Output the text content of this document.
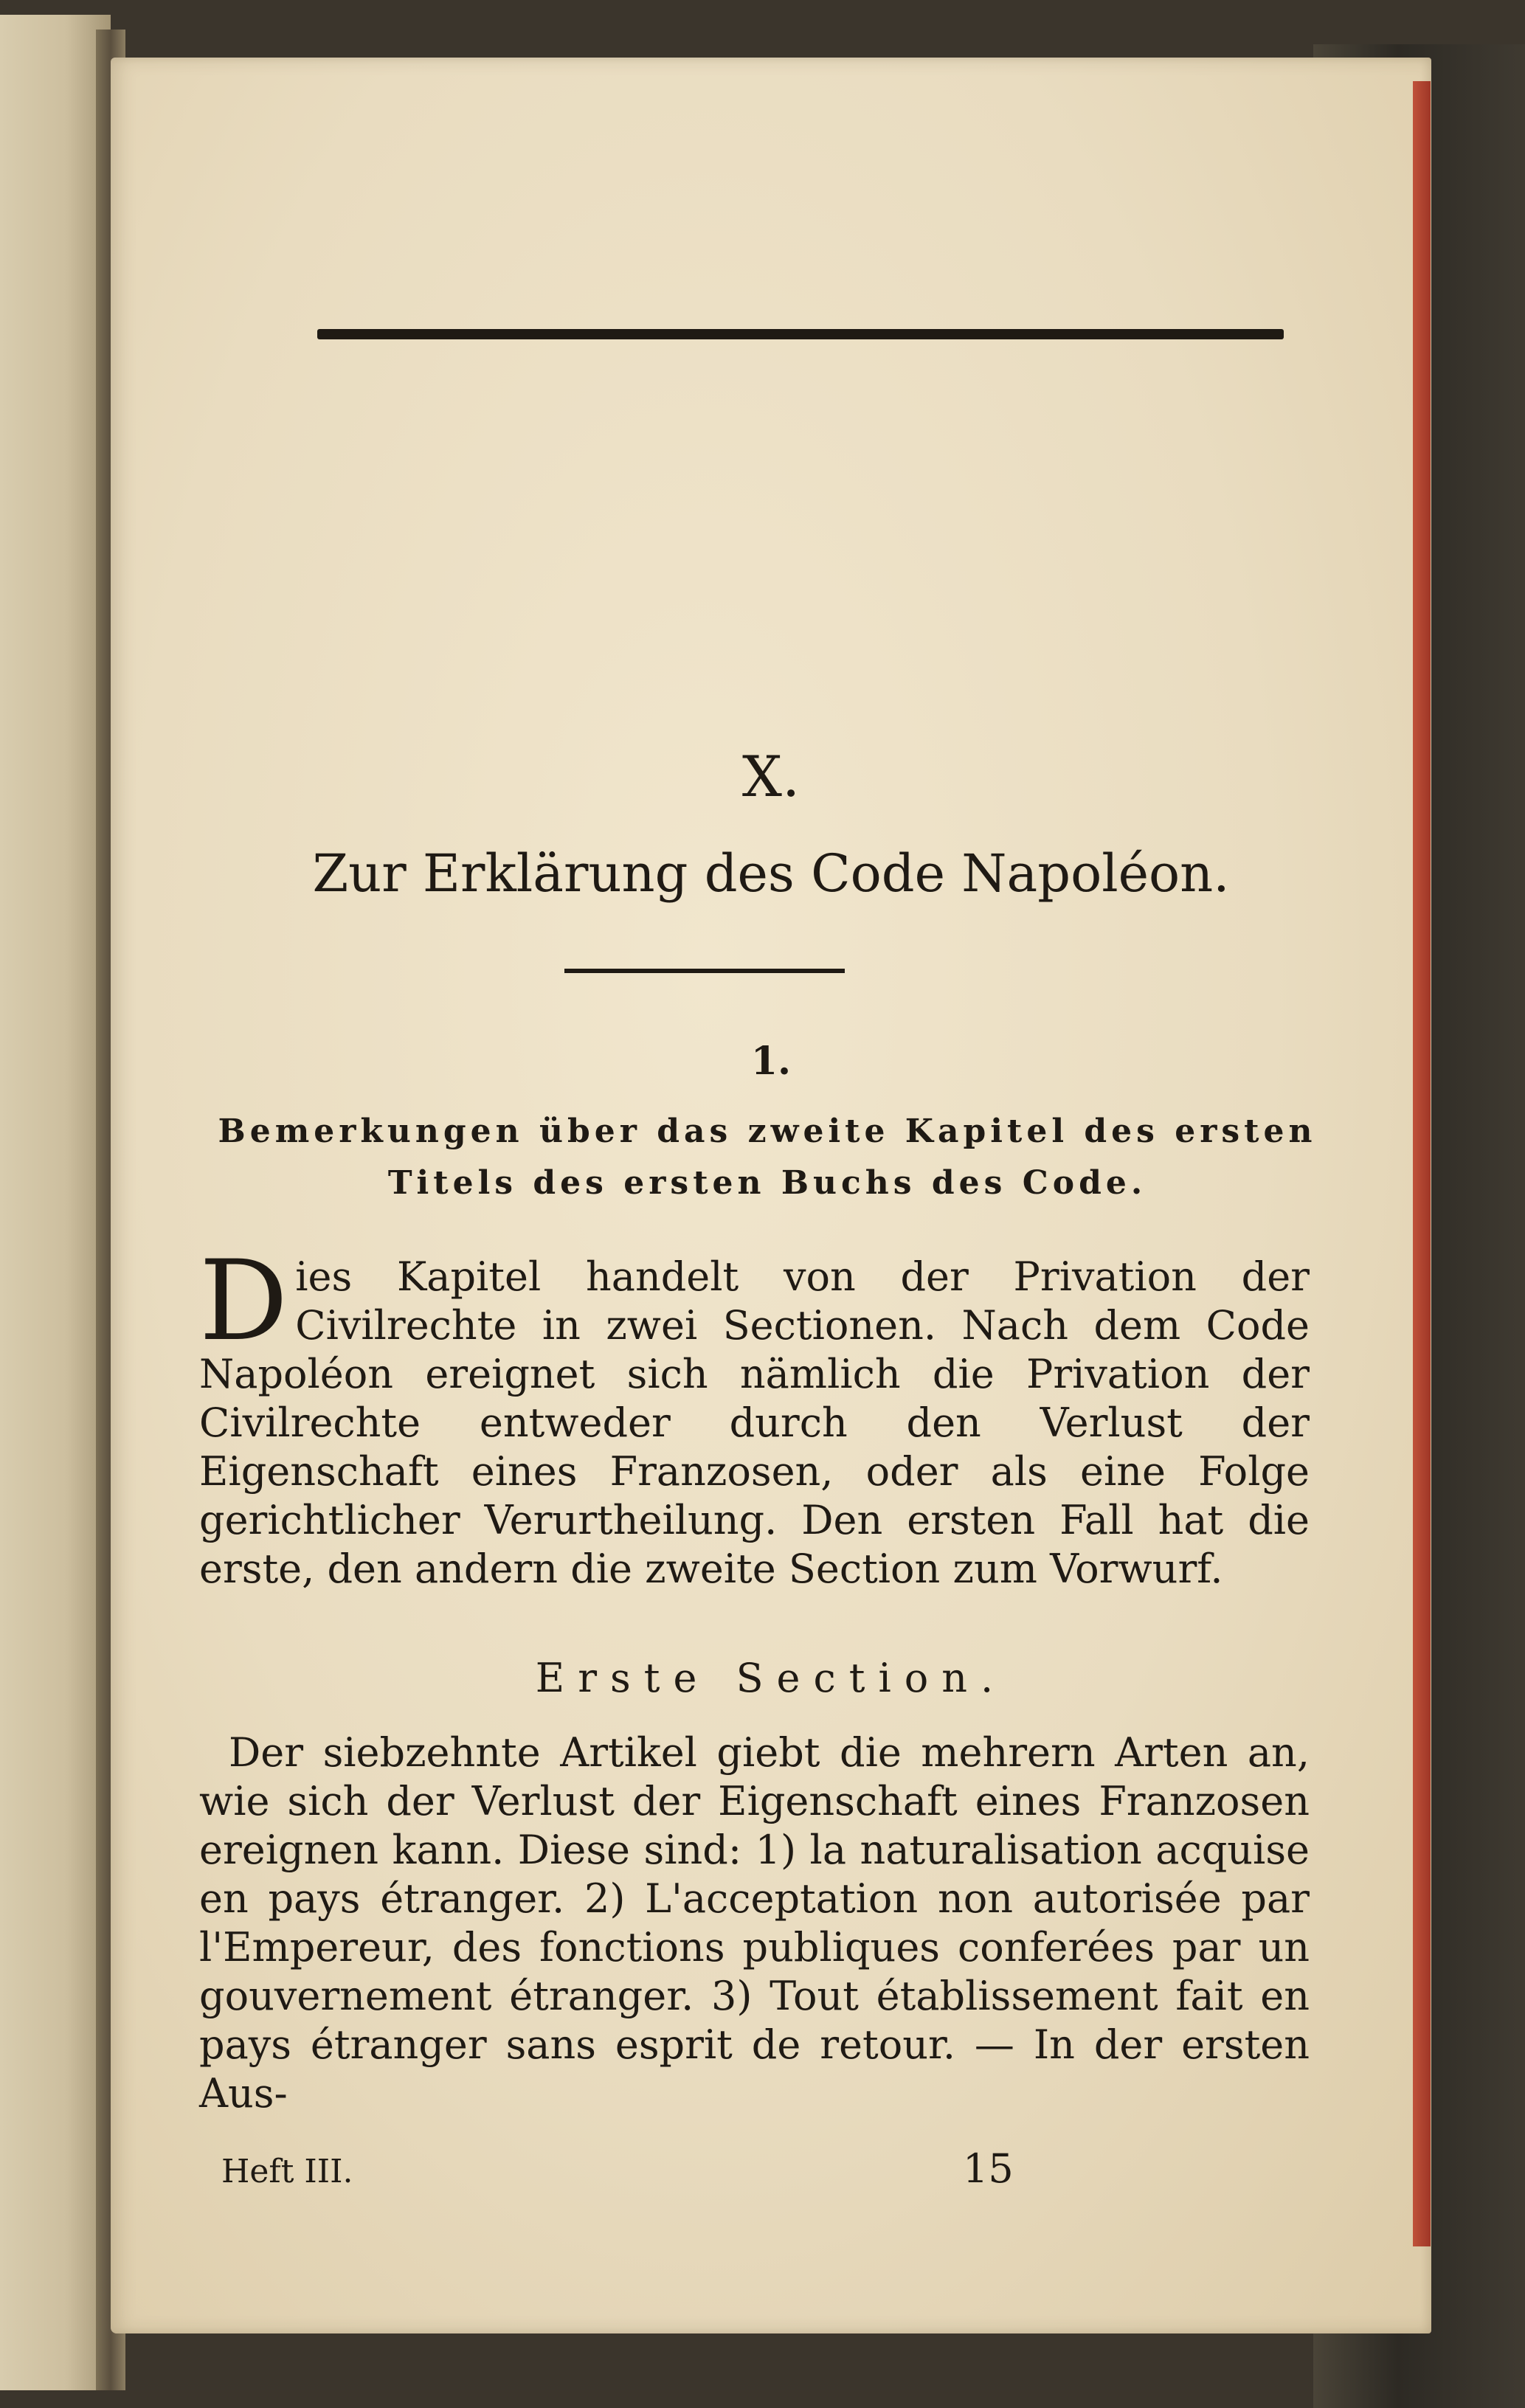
X.
Zur Erklärung des Code Napoléon.
1.
Bemerkungen über das zweite Kapitel des ersten
Titels des ersten Buchs des Code.

Dies Kapitel handelt von der Privation der Civilrechte in zwei Sectionen. Nach dem Code Napoléon ereignet sich nämlich die Privation der Civilrechte entweder durch den Verlust der Eigenschaft eines Franzosen, oder als eine Folge gerichtlicher Verurtheilung. Den ersten Fall hat die erste, den andern die zweite Section zum Vorwurf.

Erste Section.

Der siebzehnte Artikel giebt die mehrern Arten an, wie sich der Verlust der Eigenschaft eines Franzosen ereignen kann. Diese sind: 1) la naturalisation acquise en pays étranger. 2) L'acceptation non autorisée par l'Empereur, des fonctions publiques conferées par un gouvernement étranger. 3) Tout établissement fait en pays étranger sans esprit de retour. — In der ersten Aus-

Heft III.	15
